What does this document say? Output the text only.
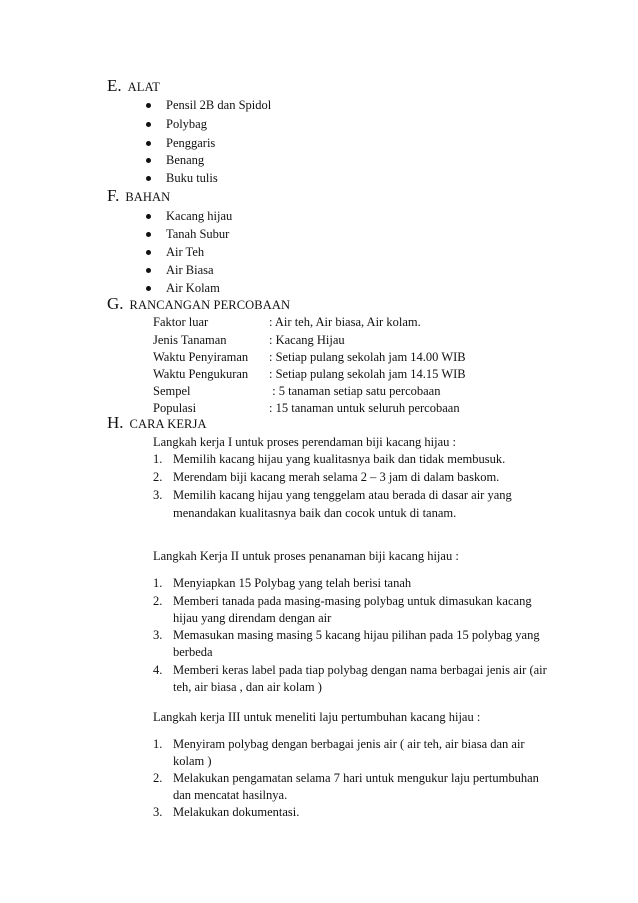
E. ALAT
Pensil 2B dan Spidol
Polybag
Penggaris
Benang
Buku tulis
F. BAHAN
Kacang hijau
Tanah Subur
Air Teh
Air Biasa
Air Kolam
G. RANCANGAN PERCOBAAN
Faktor luar	: Air teh, Air biasa, Air kolam.
Jenis Tanaman	: Kacang Hijau
Waktu Penyiraman : Setiap pulang sekolah jam 14.00 WIB
Waktu Pengukuran : Setiap pulang sekolah jam 14.15 WIB
Sempel	: 5 tanaman setiap satu percobaan
Populasi	: 15 tanaman untuk seluruh percobaan
H. CARA KERJA
Langkah kerja I untuk proses perendaman biji kacang hijau :
1. Memilih kacang hijau yang kualitasnya baik dan tidak membusuk.
2. Merendam biji kacang merah selama 2 – 3 jam di dalam baskom.
3. Memilih kacang hijau yang tenggelam atau berada di dasar air yang
menandakan kualitasnya baik dan cocok untuk di tanam.
Langkah Kerja II untuk proses penanaman biji kacang hijau :
1. Menyiapkan 15 Polybag yang telah berisi tanah
2. Memberi tanada pada masing-masing polybag untuk dimasukan kacang
hijau yang direndam dengan air
3. Memasukan masing masing 5 kacang hijau pilihan pada 15 polybag yang
berbeda
4. Memberi keras label pada tiap polybag dengan nama berbagai jenis air (air
teh, air biasa , dan air kolam )
Langkah kerja III untuk meneliti laju pertumbuhan kacang hijau :
1. Menyiram polybag dengan berbagai jenis air ( air teh, air biasa dan air
kolam )
2. Melakukan pengamatan selama 7 hari untuk mengukur laju pertumbuhan
dan mencatat hasilnya.
3. Melakukan dokumentasi.
